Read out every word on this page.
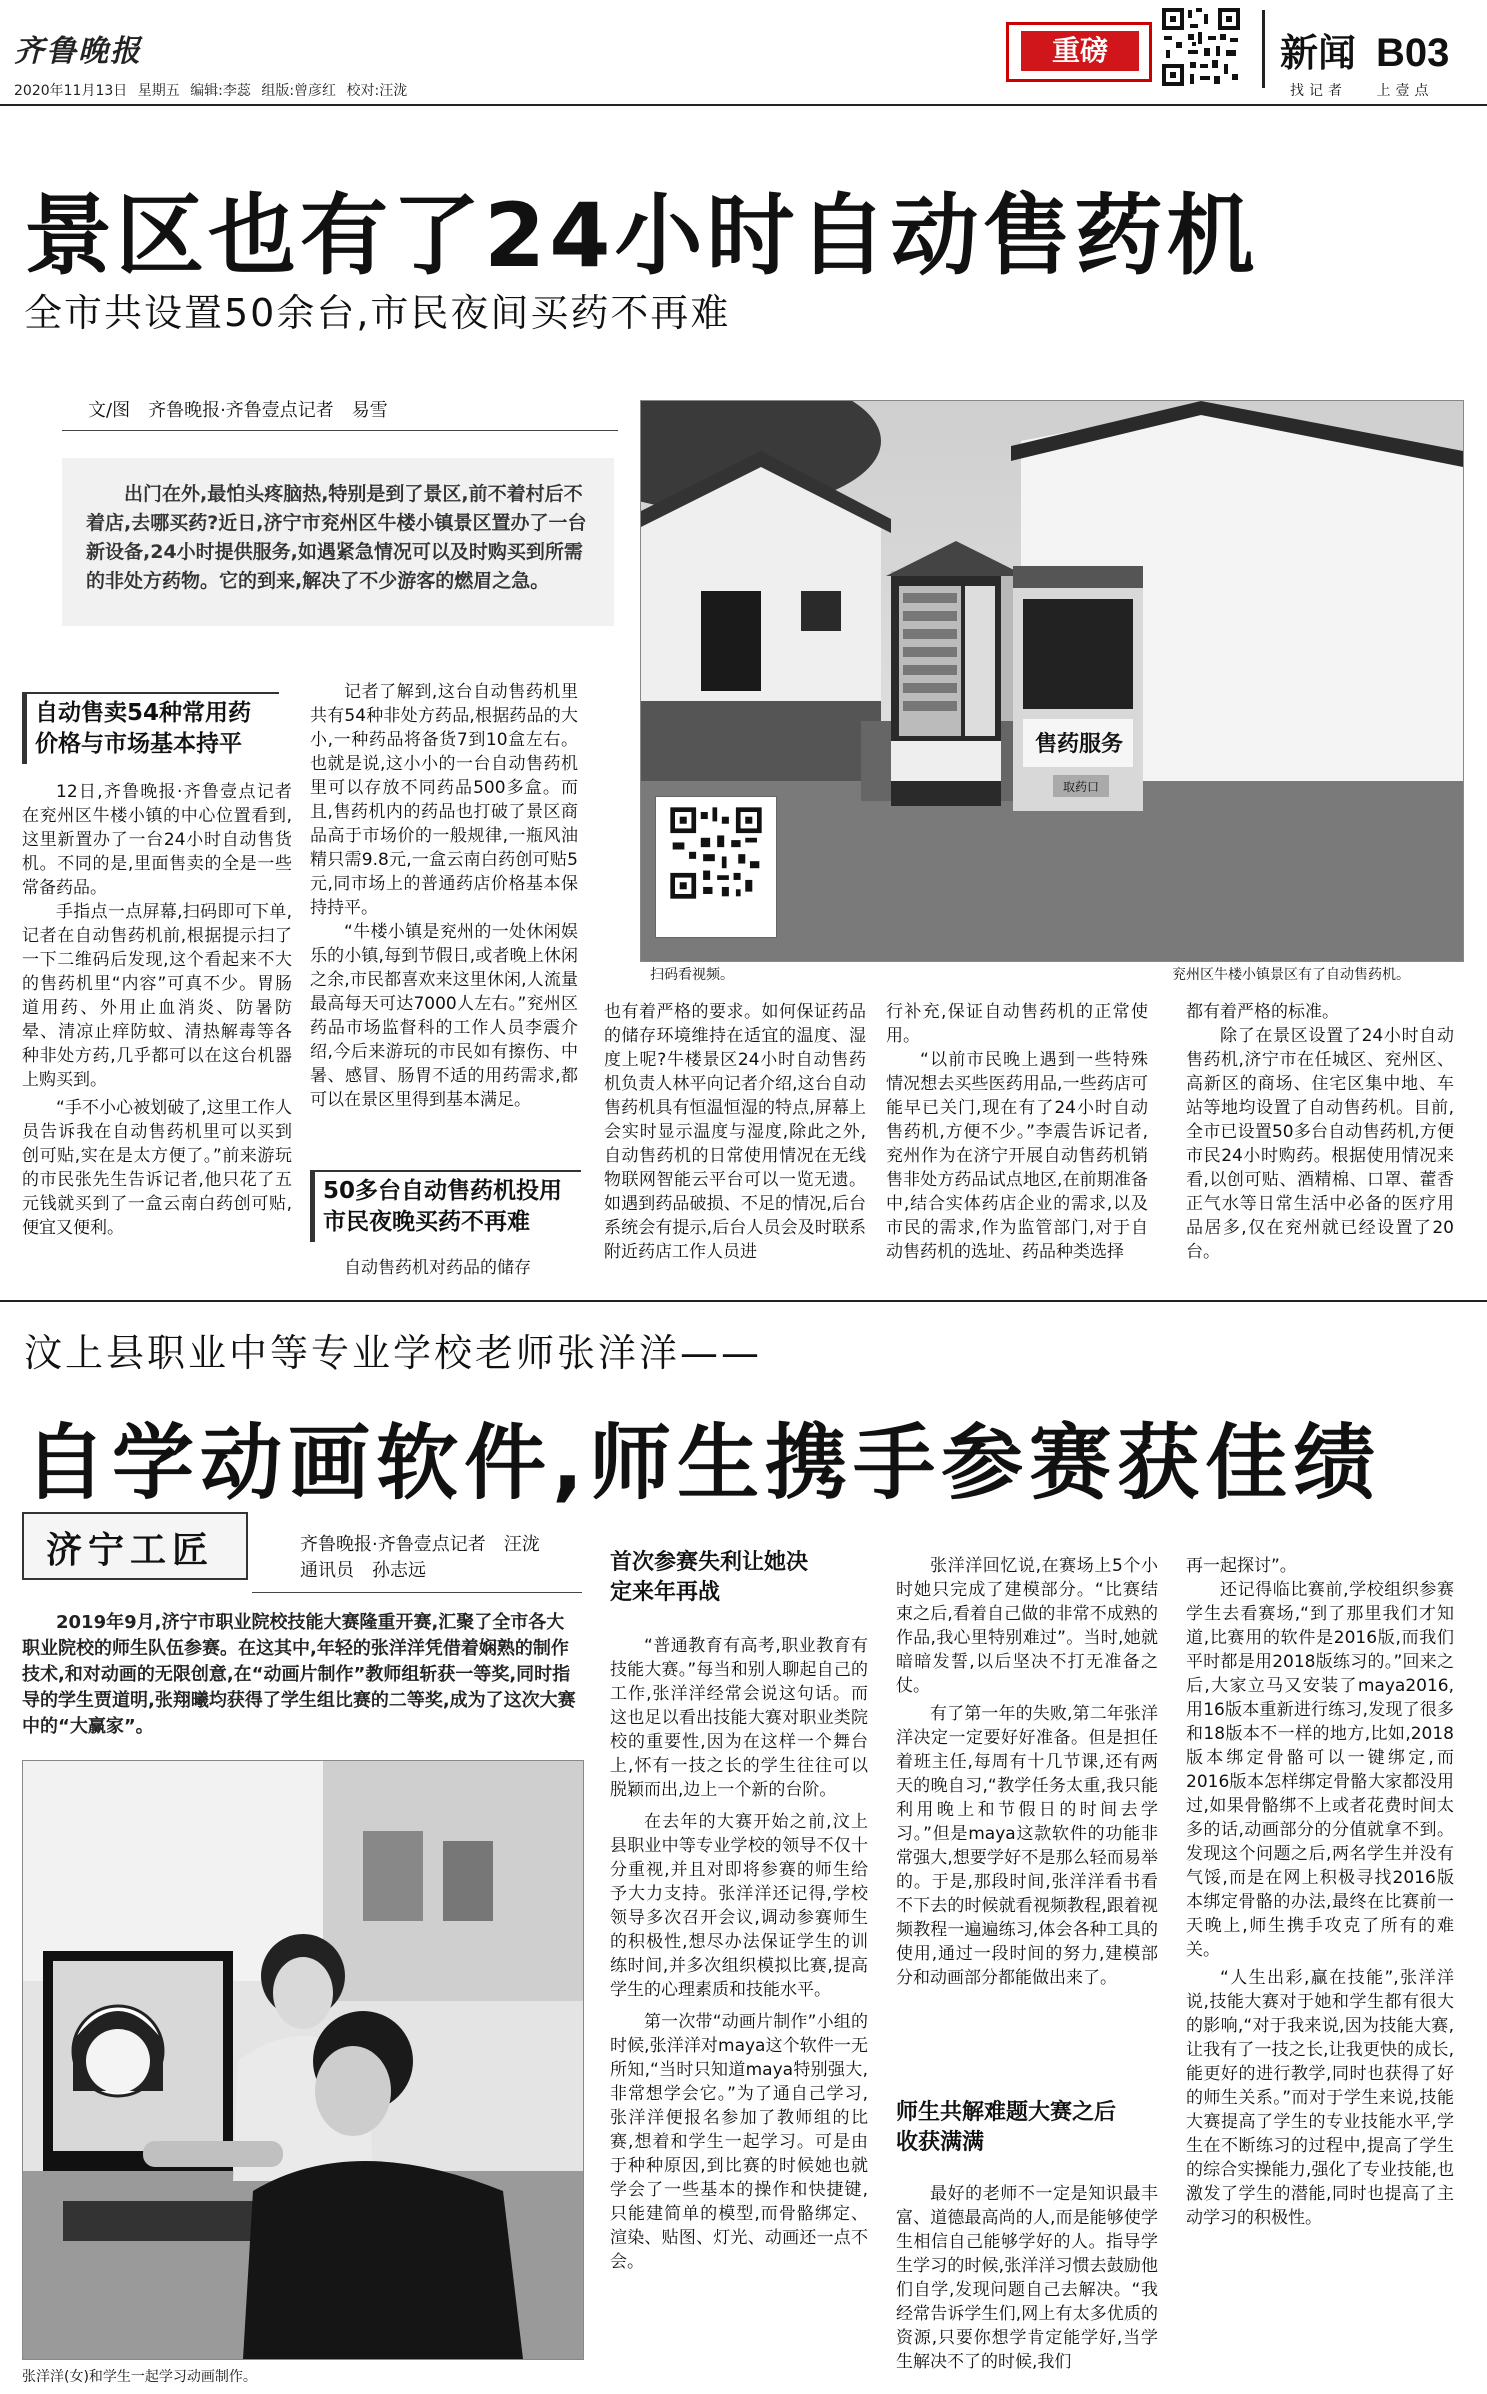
齐鲁晚报
2020年11月13日 星期五 编辑:李蕊 组版:曾彦红 校对:汪泷
重磅	新闻 B03
找记者 上壹点
景区也有了24小时自动售药机
全市共设置50余台,市民夜间买药不再难
文/图　齐鲁晚报·齐鲁壹点记者　易雪
出门在外,最怕头疼脑热,特别是到了景区,前不着村后不着店,去哪买药?近日,济宁市兖州区牛楼小镇景区置办了一台新设备,24小时提供服务,如遇紧急情况可以及时购买到所需的非处方药物。它的到来,解决了不少游客的燃眉之急。
售药服务
取药口
扫码看视频。	兖州区牛楼小镇景区有了自动售药机。
自动售卖54种常用药价格与市场基本持平

12日,齐鲁晚报·齐鲁壹点记者在兖州区牛楼小镇的中心位置看到,这里新置办了一台24小时自动售货机。不同的是,里面售卖的全是一些常备药品。

手指点一点屏幕,扫码即可下单,记者在自动售药机前,根据提示扫了一下二维码后发现,这个看起来不大的售药机里“内容”可真不少。胃肠道用药、外用止血消炎、防暑防晕、清凉止痒防蚊、清热解毒等各种非处方药,几乎都可以在这台机器上购买到。

“手不小心被划破了,这里工作人员告诉我在自动售药机里可以买到创可贴,实在是太方便了。”前来游玩的市民张先生告诉记者,他只花了五元钱就买到了一盒云南白药创可贴,便宜又便利。

记者了解到,这台自动售药机里共有54种非处方药品,根据药品的大小,一种药品将备货7到10盒左右。也就是说,这小小的一台自动售药机里可以存放不同药品500多盒。而且,售药机内的药品也打破了景区商品高于市场价的一般规律,一瓶风油精只需9.8元,一盒云南白药创可贴5元,同市场上的普通药店价格基本保持持平。

“牛楼小镇是兖州的一处休闲娱乐的小镇,每到节假日,或者晚上休闲之余,市民都喜欢来这里休闲,人流量最高每天可达7000人左右。”兖州区药品市场监督科的工作人员李震介绍,今后来游玩的市民如有擦伤、中暑、感冒、肠胃不适的用药需求,都可以在景区里得到基本满足。

50多台自动售药机投用市民夜晚买药不再难

自动售药机对药品的储存

也有着严格的要求。如何保证药品的储存环境维持在适宜的温度、湿度上呢?牛楼景区24小时自动售药机负责人林平向记者介绍,这台自动售药机具有恒温恒湿的特点,屏幕上会实时显示温度与湿度,除此之外,自动售药机的日常使用情况在无线物联网智能云平台可以一览无遗。如遇到药品破损、不足的情况,后台系统会有提示,后台人员会及时联系附近药店工作人员进

行补充,保证自动售药机的正常使用。

“以前市民晚上遇到一些特殊情况想去买些医药用品,一些药店可能早已关门,现在有了24小时自动售药机,方便不少。”李震告诉记者,兖州作为在济宁开展自动售药机销售非处方药品试点地区,在前期准备中,结合实体药店企业的需求,以及市民的需求,作为监管部门,对于自动售药机的选址、药品种类选择

都有着严格的标准。

除了在景区设置了24小时自动售药机,济宁市在任城区、兖州区、高新区的商场、住宅区集中地、车站等地均设置了自动售药机。目前,全市已设置50多台自动售药机,方便市民24小时购药。根据使用情况来看,以创可贴、酒精棉、口罩、藿香正气水等日常生活中必备的医疗用品居多,仅在兖州就已经设置了20台。

汶上县职业中等专业学校老师张洋洋——
自学动画软件,师生携手参赛获佳绩
济宁工匠	齐鲁晚报·齐鲁壹点记者　汪泷
通讯员　孙志远
2019年9月,济宁市职业院校技能大赛隆重开赛,汇聚了全市各大职业院校的师生队伍参赛。在这其中,年轻的张洋洋凭借着娴熟的制作技术,和对动画的无限创意,在“动画片制作”教师组斩获一等奖,同时指导的学生贾道明,张翔曦均获得了学生组比赛的二等奖,成为了这次大赛中的“大赢家”。
张洋洋(女)和学生一起学习动画制作。
首次参赛失利让她决定来年再战

“普通教育有高考,职业教育有技能大赛。”每当和别人聊起自己的工作,张洋洋经常会说这句话。而这也足以看出技能大赛对职业类院校的重要性,因为在这样一个舞台上,怀有一技之长的学生往往可以脱颖而出,边上一个新的台阶。

在去年的大赛开始之前,汶上县职业中等专业学校的领导不仅十分重视,并且对即将参赛的师生给予大力支持。张洋洋还记得,学校领导多次召开会议,调动参赛师生的积极性,想尽办法保证学生的训练时间,并多次组织模拟比赛,提高学生的心理素质和技能水平。

第一次带“动画片制作”小组的时候,张洋洋对maya这个软件一无所知,“当时只知道maya特别强大,非常想学会它。”为了通自己学习,张洋洋便报名参加了教师组的比赛,想着和学生一起学习。可是由于种种原因,到比赛的时候她也就学会了一些基本的操作和快捷键,只能建简单的模型,而骨骼绑定、渲染、贴图、灯光、动画还一点不会。

张洋洋回忆说,在赛场上5个小时她只完成了建模部分。“比赛结束之后,看着自己做的非常不成熟的作品,我心里特别难过”。当时,她就暗暗发誓,以后坚决不打无准备之仗。

有了第一年的失败,第二年张洋洋决定一定要好好准备。但是担任着班主任,每周有十几节课,还有两天的晚自习,“教学任务太重,我只能利用晚上和节假日的时间去学习。”但是maya这款软件的功能非常强大,想要学好不是那么轻而易举的。于是,那段时间,张洋洋看书看不下去的时候就看视频教程,跟着视频教程一遍遍练习,体会各种工具的使用,通过一段时间的努力,建模部分和动画部分都能做出来了。

师生共解难题大赛之后收获满满

最好的老师不一定是知识最丰富、道德最高尚的人,而是能够使学生相信自己能够学好的人。指导学生学习的时候,张洋洋习惯去鼓励他们自学,发现问题自己去解决。“我经常告诉学生们,网上有太多优质的资源,只要你想学肯定能学好,当学生解决不了的时候,我们

再一起探讨”。

还记得临比赛前,学校组织参赛学生去看赛场,“到了那里我们才知道,比赛用的软件是2016版,而我们平时都是用2018版练习的。”回来之后,大家立马又安装了maya2016,用16版本重新进行练习,发现了很多和18版本不一样的地方,比如,2018版本绑定骨骼可以一键绑定,而2016版本怎样绑定骨骼大家都没用过,如果骨骼绑不上或者花费时间太多的话,动画部分的分值就拿不到。发现这个问题之后,两名学生并没有气馁,而是在网上积极寻找2016版本绑定骨骼的办法,最终在比赛前一天晚上,师生携手攻克了所有的难关。

“人生出彩,赢在技能”,张洋洋说,技能大赛对于她和学生都有很大的影响,“对于我来说,因为技能大赛,让我有了一技之长,让我更快的成长,能更好的进行教学,同时也获得了好的师生关系。”而对于学生来说,技能大赛提高了学生的专业技能水平,学生在不断练习的过程中,提高了学生的综合实操能力,强化了专业技能,也激发了学生的潜能,同时也提高了主动学习的积极性。
